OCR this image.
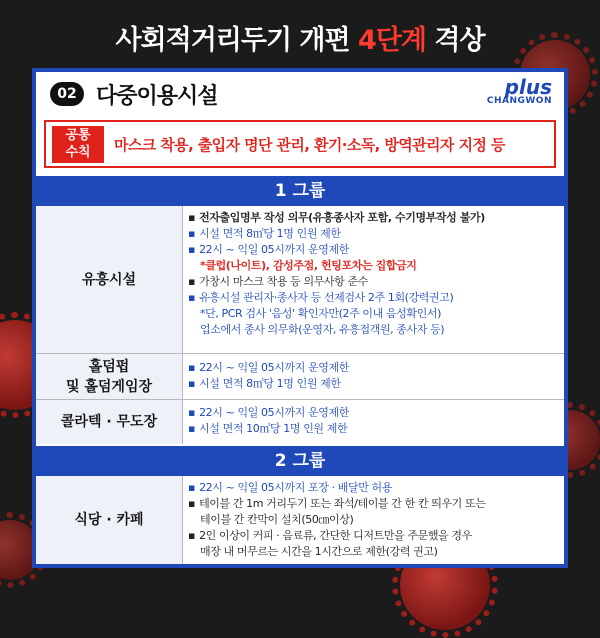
사회적거리두기 개편 4단계 격상
02 다중이용시설	plus
CHANGWON
공통
수칙	마스크 착용, 출입자 명단 관리, 환기·소독, 방역관리자 지정 등
1 그룹
유흥시설
▪ 전자출입명부 작성 의무(유흥종사자 포함, 수기명부작성 불가)
▪ 시설 면적 8㎡당 1명 인원 제한
▪ 22시 ~ 익일 05시까지 운영제한
*클럽(나이트), 감성주점, 헌팅포차는 집합금지
▪ 가창시 마스크 착용 등 의무사항 준수
▪ 유흥시설 관리자·종사자 등 선제검사 2주 1회(강력권고)
*단, PCR 검사 '음성' 확인자만(2주 이내 음성확인서)
업소에서 종사 의무화(운영자, 유흥접객원, 종사자 등)
홀덤펍
및 홀덤게임장
▪ 22시 ~ 익일 05시까지 운영제한
▪ 시설 면적 8㎡당 1명 인원 제한
콜라텍 · 무도장
▪ 22시 ~ 익일 05시까지 운영제한
▪ 시설 면적 10㎡당 1명 인원 제한
2 그룹
식당 · 카페
▪ 22시 ~ 익일 05시까지 포장 · 배달만 허용
▪ 테이블 간 1m 거리두기 또는 좌석/테이블 간 한 칸 띄우기 또는
테이블 간 칸막이 설치(50㎝이상)
▪ 2인 이상이 커피 · 음료류, 간단한 디저트만을 주문했을 경우
매장 내 머무르는 시간을 1시간으로 제한(강력 권고)
